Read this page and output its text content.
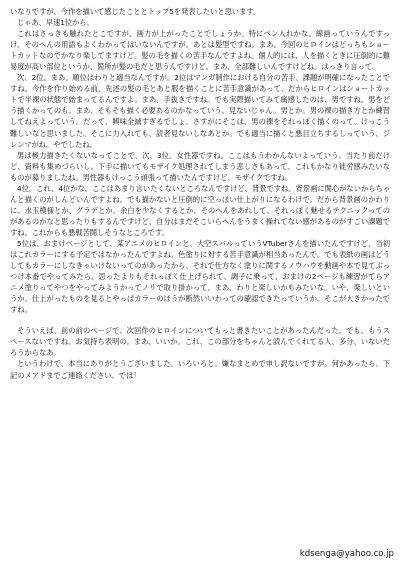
いなりですが、今作を描いて感じたこととトップ5を発表したいと思います。

じゃあ、早速1位から。

これはさっきも触れたとこですが、画力が上がったことでしょうか。特にペン入れかな。線画っていうんですっけ。そのへんの用語もよくわかってはいないんですが。あとは髪型ですね。まあ、今回のヒロインはどっちもショートカットなのでかなり楽してますけど。髪の毛を描くの苦手なんですよね。個人的には、人を描くときに圧倒的に難易度が高い部位というか、箇所が髪の毛だと思うんですけど。まあ、全部難しいんですけどね。はっきり言って。

次、2位。まあ、順位はわりと適当なんですが。2位はマンガ制作における自分の苦手、課題が明確になったことですね。今作を作り始める前、先述の髪の毛とあと服を描くことに苦手意識があって、だからヒロインはショートカットで半裸の状態で始まってるんですよ。まあ、手抜きですね。でも実際描いてみて痛感したのは、男ですね。男をどう描くかってのも。まあ、そもそも描く必要あるのかなっていう。見ないじゃん。男とか。男の裸の描き方とか練習してねえよっていう。だって、興味全滅すぎるでしょ。さすがにそこは、男の裸をそれっぽく描くのって、けっこう難しいなと思いました。そこに力入れても、読者見ないしなあとか。でも適当に描くと悪目立ちするしっていう、ジレンマがね。やでしたね。

男は極力描きたくないなってことで、次、3位。女性器ですね。ここはもうわかんないよっていう。当たり前だけど、資料も集めづらいし。下手に描いてもモザイク処理されてしまう悲しさもあって、これもかなり徒労感みたいなものが募りましたね。男性器もけっこう頑張って描いたんですけど、モザイクですね。

4位。これ、4位かな。ここはあまり言いたくないところなんですけど、背景ですね。背景画に関心がないからちゃんと描くのがしんどいんですよね。でも描かないと圧倒的に空っぽい仕上がりになるわけで。だから背景画のかわりに、水玉模様とか、グラデとか、余白を少なくするとか、そのへんをあれして、それっぽく魅せるテクニックってのがあるのかなと思ったりもするんですけど、自分はまだそこいらへんをうまく操れてない感があるのがすごい課題ですね。これからも悪戦苦闘しそうなところです。

5位は、おまけページとして、某アニメのヒロインと、大空スバルっていうVTuberさんを描いたんですけど、当初はこれカラーにする予定ではなかったんですよね。色塗りに対する苦手意識が相当あったんで。でも表紙の画はどうしてもカラーにしなきゃいけないってのがあったから、それで仕方なく塗りに関するノウハウを動画や本で見てぶっつけ本番でやってみたら、思ったよりもそれっぽく仕上げられて、調子に乗って、おまけの2ページも練習がてらアニメ塗りってやつをやってみようかってノリで取り掛かって、まあ、わりと楽しいかもみたいな。いや、楽しいというか、仕上がったものを見るとやっぱカラーのほうが断然いいわっての確認できたっていうか。そこが大きかったですね。

そういえば、前の前のページで、次回作のヒロインについてもっと書きたいことがあったんだった。でも、もうスペースないですね。お気持ち表明の。まあ、いいか。これ、この部分をちゃんと読んでくれてる人、多分、いないだろうからなあ。

というわけで、本当にありがとうございました。いろいろと。嫌なまとめで申し訳ないですが。何かあったら、下記のメアドまでご連絡ください。では！

kdsenga@yahoo.co.jp
